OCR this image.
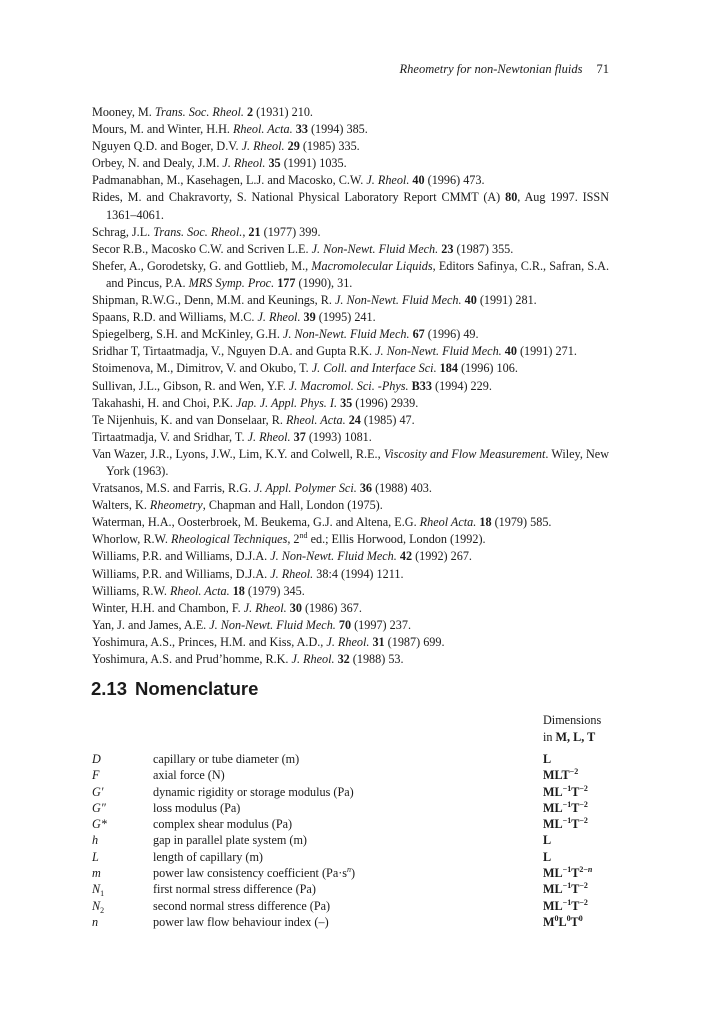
Rheometry for non-Newtonian fluids 71
Mooney, M. Trans. Soc. Rheol. 2 (1931) 210.
Mours, M. and Winter, H.H. Rheol. Acta. 33 (1994) 385.
Nguyen Q.D. and Boger, D.V. J. Rheol. 29 (1985) 335.
Orbey, N. and Dealy, J.M. J. Rheol. 35 (1991) 1035.
Padmanabhan, M., Kasehagen, L.J. and Macosko, C.W. J. Rheol. 40 (1996) 473.
Rides, M. and Chakravorty, S. National Physical Laboratory Report CMMT (A) 80, Aug 1997. ISSN 1361–4061.
Schrag, J.L. Trans. Soc. Rheol., 21 (1977) 399.
Secor R.B., Macosko C.W. and Scriven L.E. J. Non-Newt. Fluid Mech. 23 (1987) 355.
Shefer, A., Gorodetsky, G. and Gottlieb, M., Macromolecular Liquids, Editors Safinya, C.R., Safran, S.A. and Pincus, P.A. MRS Symp. Proc. 177 (1990), 31.
Shipman, R.W.G., Denn, M.M. and Keunings, R. J. Non-Newt. Fluid Mech. 40 (1991) 281.
Spaans, R.D. and Williams, M.C. J. Rheol. 39 (1995) 241.
Spiegelberg, S.H. and McKinley, G.H. J. Non-Newt. Fluid Mech. 67 (1996) 49.
Sridhar T, Tirtaatmadja, V., Nguyen D.A. and Gupta R.K. J. Non-Newt. Fluid Mech. 40 (1991) 271.
Stoimenova, M., Dimitrov, V. and Okubo, T. J. Coll. and Interface Sci. 184 (1996) 106.
Sullivan, J.L., Gibson, R. and Wen, Y.F. J. Macromol. Sci. -Phys. B33 (1994) 229.
Takahashi, H. and Choi, P.K. Jap. J. Appl. Phys. I. 35 (1996) 2939.
Te Nijenhuis, K. and van Donselaar, R. Rheol. Acta. 24 (1985) 47.
Tirtaatmadja, V. and Sridhar, T. J. Rheol. 37 (1993) 1081.
Van Wazer, J.R., Lyons, J.W., Lim, K.Y. and Colwell, R.E., Viscosity and Flow Measurement. Wiley, New York (1963).
Vratsanos, M.S. and Farris, R.G. J. Appl. Polymer Sci. 36 (1988) 403.
Walters, K. Rheometry, Chapman and Hall, London (1975).
Waterman, H.A., Oosterbroek, M. Beukema, G.J. and Altena, E.G. Rheol Acta. 18 (1979) 585.
Whorlow, R.W. Rheological Techniques, 2nd ed.; Ellis Horwood, London (1992).
Williams, P.R. and Williams, D.J.A. J. Non-Newt. Fluid Mech. 42 (1992) 267.
Williams, P.R. and Williams, D.J.A. J. Rheol. 38:4 (1994) 1211.
Williams, R.W. Rheol. Acta. 18 (1979) 345.
Winter, H.H. and Chambon, F. J. Rheol. 30 (1986) 367.
Yan, J. and James, A.E. J. Non-Newt. Fluid Mech. 70 (1997) 237.
Yoshimura, A.S., Princes, H.M. and Kiss, A.D., J. Rheol. 31 (1987) 699.
Yoshimura, A.S. and Prud’homme, R.K. J. Rheol. 32 (1988) 53.
2.13 Nomenclature
Dimensions
in M, L, T
D	capillary or tube diameter (m)	L
F	axial force (N)	$MLT^{-2}$
G′	dynamic rigidity or storage modulus (Pa)	$ML^{-1}T^{-2}$
G″	loss modulus (Pa)	$ML^{-1}T^{-2}$
G*	complex shear modulus (Pa)	$ML^{-1}T^{-2}$
h	gap in parallel plate system (m)	L
L	length of capillary (m)	L
m	power law consistency coefficient $(Pa\cdot s^n)$	$ML^{-1}T^{2-n}$
$N_1$	first normal stress difference (Pa)	$ML^{-1}T^{-2}$
$N_2$	second normal stress difference (Pa)	$ML^{-1}T^{-2}$
n	power law flow behaviour index (–)	$M^0L^0T^0$
